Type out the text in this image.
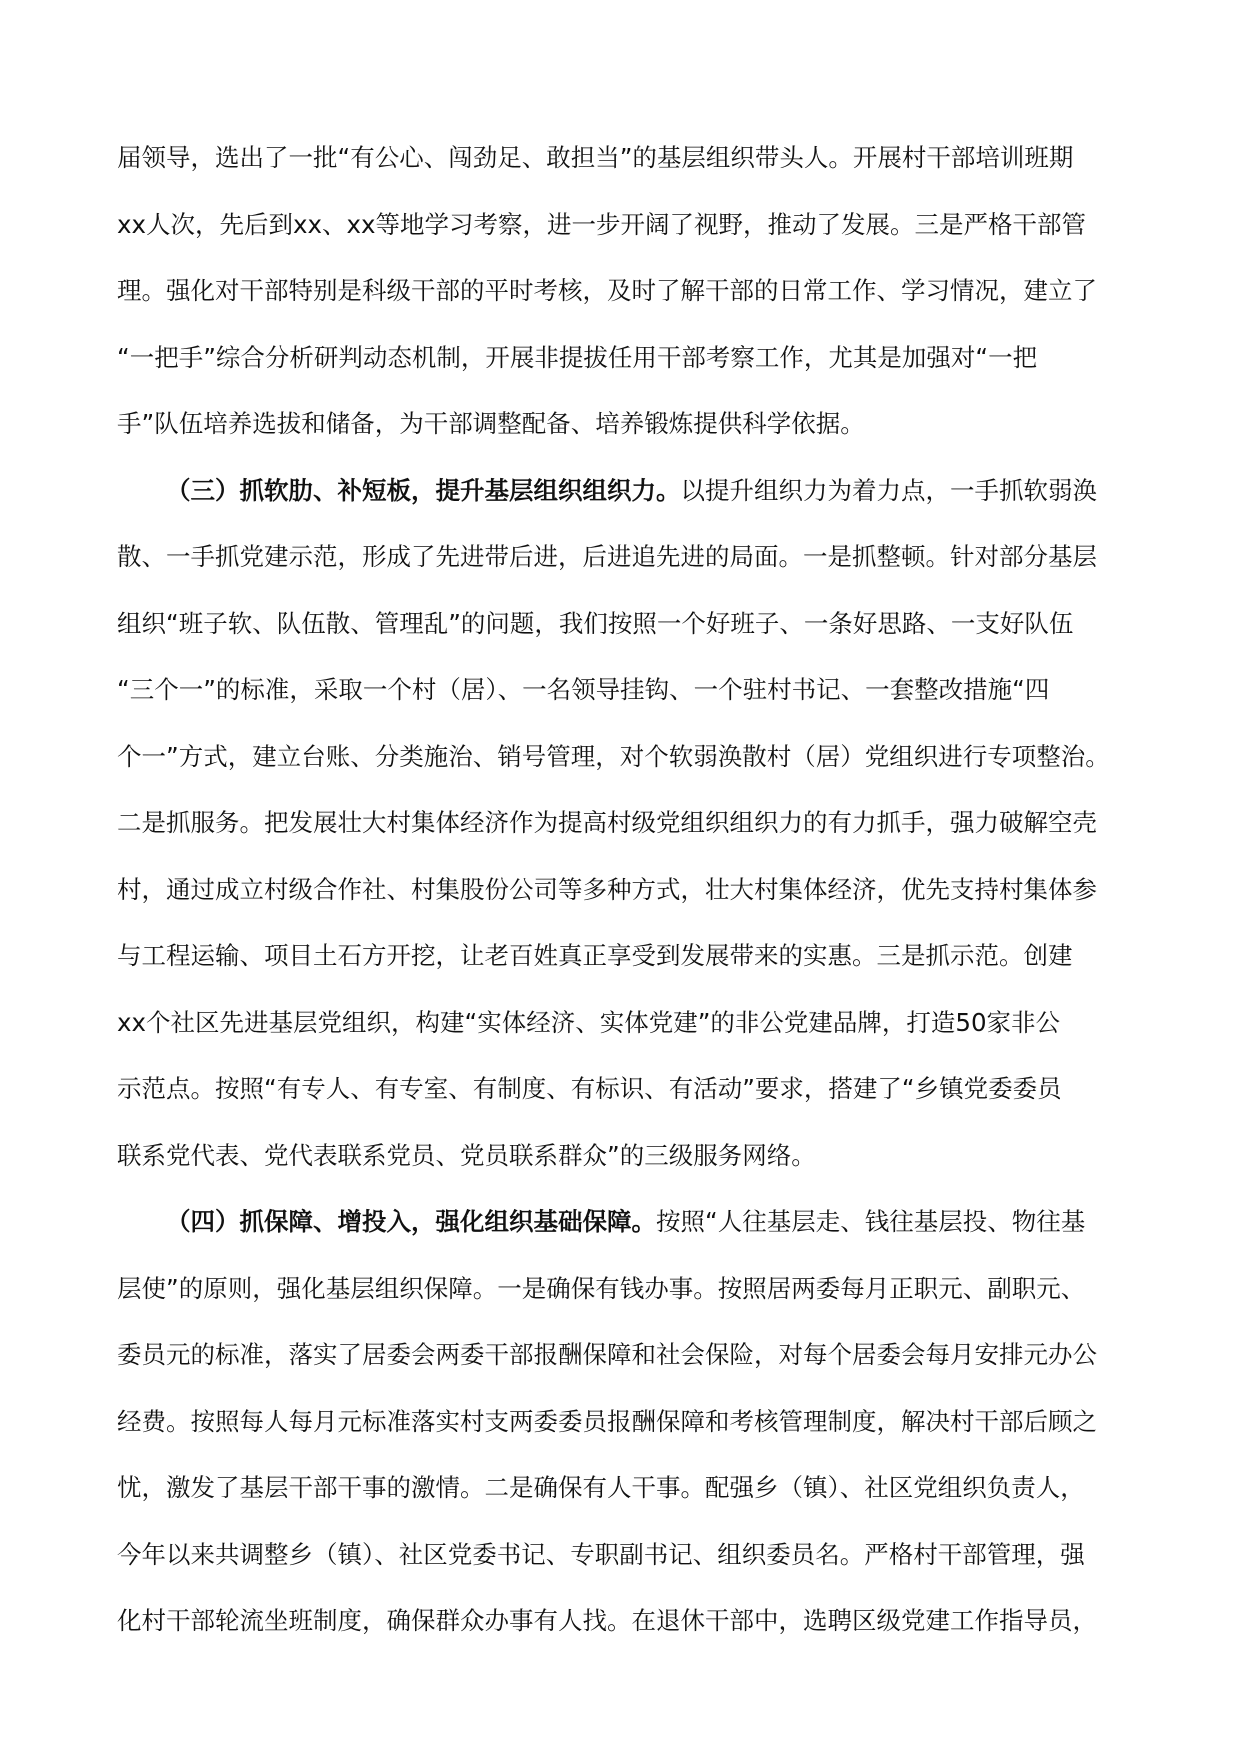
届领导，选出了一批“有公心、闯劲足、敢担当”的基层组织带头人。开展村干部培训班期
xx人次，先后到xx、xx等地学习考察，进一步开阔了视野，推动了发展。三是严格干部管
理。强化对干部特别是科级干部的平时考核，及时了解干部的日常工作、学习情况，建立了
“一把手”综合分析研判动态机制，开展非提拔任用干部考察工作，尤其是加强对“一把
手”队伍培养选拔和储备，为干部调整配备、培养锻炼提供科学依据。
（三）抓软肋、补短板，提升基层组织组织力。以提升组织力为着力点，一手抓软弱涣
散、一手抓党建示范，形成了先进带后进，后进追先进的局面。一是抓整顿。针对部分基层
组织“班子软、队伍散、管理乱”的问题，我们按照一个好班子、一条好思路、一支好队伍
“三个一”的标准，采取一个村（居）、一名领导挂钩、一个驻村书记、一套整改措施“四
个一”方式，建立台账、分类施治、销号管理，对个软弱涣散村（居）党组织进行专项整治。
二是抓服务。把发展壮大村集体经济作为提高村级党组织组织力的有力抓手，强力破解空壳
村，通过成立村级合作社、村集股份公司等多种方式，壮大村集体经济，优先支持村集体参
与工程运输、项目土石方开挖，让老百姓真正享受到发展带来的实惠。三是抓示范。创建
xx个社区先进基层党组织，构建“实体经济、实体党建”的非公党建品牌，打造50家非公
示范点。按照“有专人、有专室、有制度、有标识、有活动”要求，搭建了“乡镇党委委员
联系党代表、党代表联系党员、党员联系群众”的三级服务网络。
（四）抓保障、增投入，强化组织基础保障。按照“人往基层走、钱往基层投、物往基
层使”的原则，强化基层组织保障。一是确保有钱办事。按照居两委每月正职元、副职元、
委员元的标准，落实了居委会两委干部报酬保障和社会保险，对每个居委会每月安排元办公
经费。按照每人每月元标准落实村支两委委员报酬保障和考核管理制度，解决村干部后顾之
忧，激发了基层干部干事的激情。二是确保有人干事。配强乡（镇）、社区党组织负责人，
今年以来共调整乡（镇）、社区党委书记、专职副书记、组织委员名。严格村干部管理，强
化村干部轮流坐班制度，确保群众办事有人找。在退休干部中，选聘区级党建工作指导员，
